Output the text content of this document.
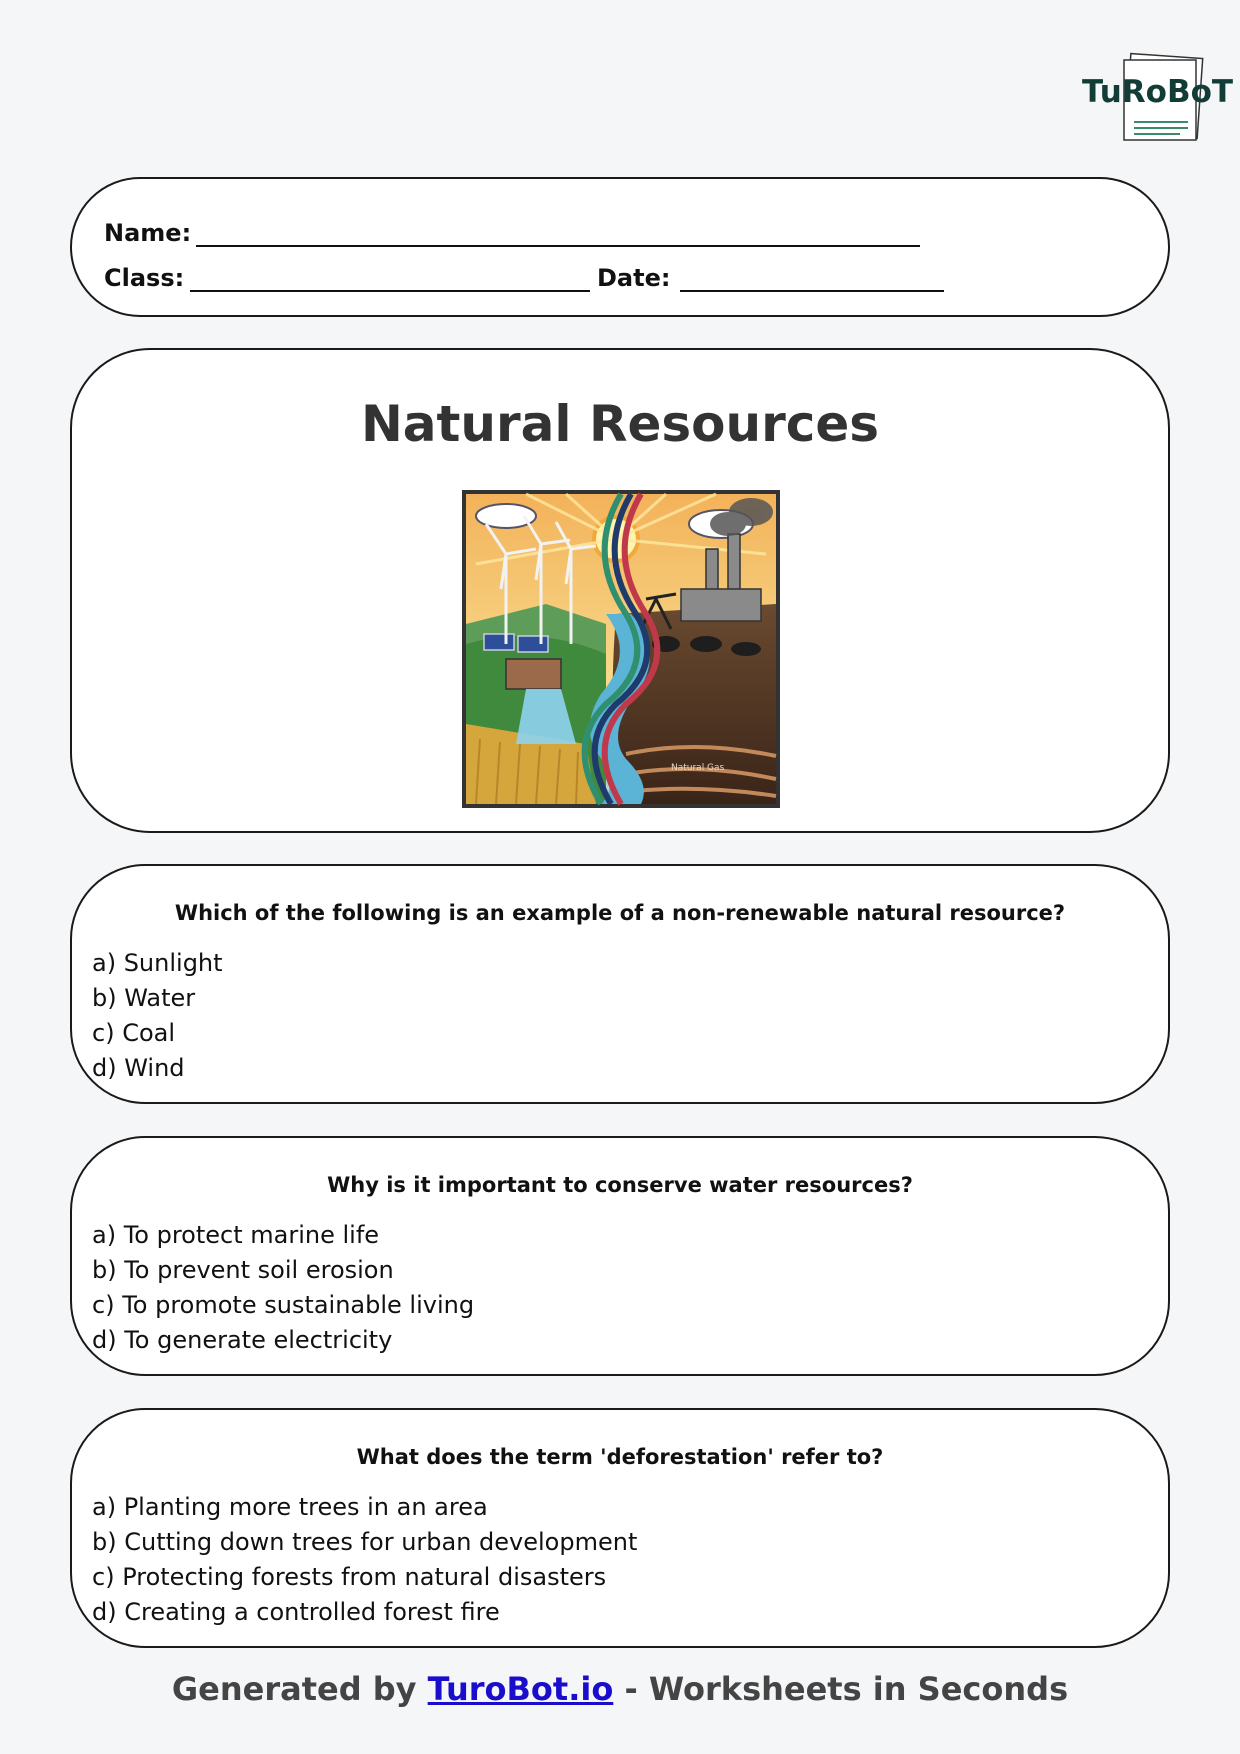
TuRoBoT
Name:
Class:	Date:
Natural Resources
Natural Gas

Which of the following is an example of a non-renewable natural resource?

a) Sunlight
b) Water
c) Coal
d) Wind

Why is it important to conserve water resources?

a) To protect marine life
b) To prevent soil erosion
c) To promote sustainable living
d) To generate electricity

What does the term 'deforestation' refer to?

a) Planting more trees in an area
b) Cutting down trees for urban development
c) Protecting forests from natural disasters
d) Creating a controlled forest fire
Generated by TuroBot.io - Worksheets in Seconds
